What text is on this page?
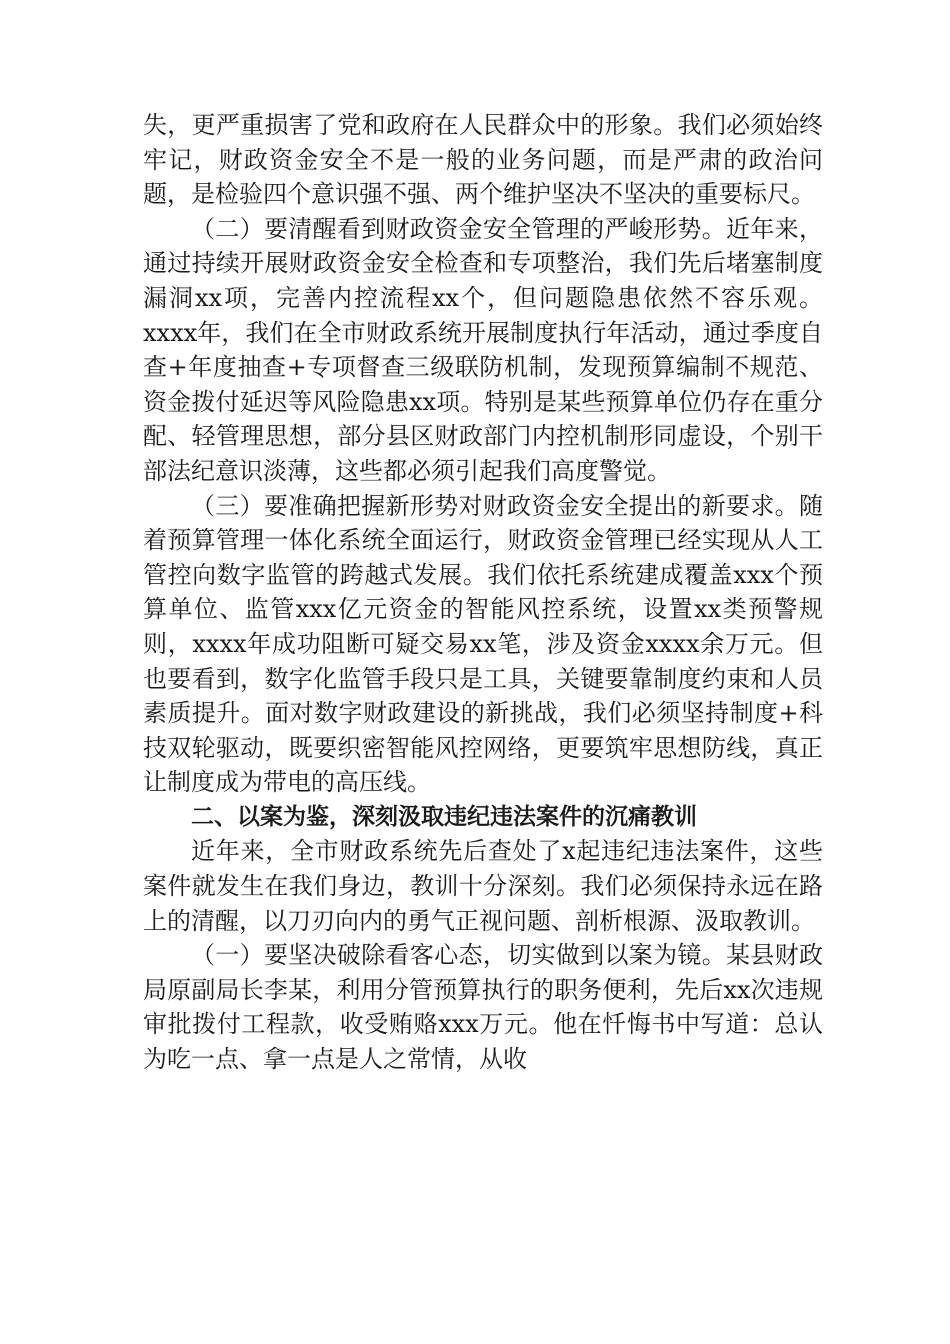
失，更严重损害了党和政府在人民群众中的形象。我们必须始终牢记，财政资金安全不是一般的业务问题，而是严肃的政治问题，是检验四个意识强不强、两个维护坚决不坚决的重要标尺。

（二）要清醒看到财政资金安全管理的严峻形势。近年来，通过持续开展财政资金安全检查和专项整治，我们先后堵塞制度漏洞xx项，完善内控流程xx个，但问题隐患依然不容乐观。xxxx年，我们在全市财政系统开展制度执行年活动，通过季度自查+年度抽查+专项督查三级联防机制，发现预算编制不规范、资金拨付延迟等风险隐患xx项。特别是某些预算单位仍存在重分配、轻管理思想，部分县区财政部门内控机制形同虚设，个别干部法纪意识淡薄，这些都必须引起我们高度警觉。

（三）要准确把握新形势对财政资金安全提出的新要求。随着预算管理一体化系统全面运行，财政资金管理已经实现从人工管控向数字监管的跨越式发展。我们依托系统建成覆盖xxx个预算单位、监管xxx亿元资金的智能风控系统，设置xx类预警规则，xxxx年成功阻断可疑交易xx笔，涉及资金xxxx余万元。但也要看到，数字化监管手段只是工具，关键要靠制度约束和人员素质提升。面对数字财政建设的新挑战，我们必须坚持制度+科技双轮驱动，既要织密智能风控网络，更要筑牢思想防线，真正让制度成为带电的高压线。

二、以案为鉴，深刻汲取违纪违法案件的沉痛教训

近年来，全市财政系统先后查处了x起违纪违法案件，这些案件就发生在我们身边，教训十分深刻。我们必须保持永远在路上的清醒，以刀刃向内的勇气正视问题、剖析根源、汲取教训。

（一）要坚决破除看客心态，切实做到以案为镜。某县财政局原副局长李某，利用分管预算执行的职务便利，先后xx次违规审批拨付工程款，收受贿赂xxx万元。他在忏悔书中写道：总认为吃一点、拿一点是人之常情，从收
